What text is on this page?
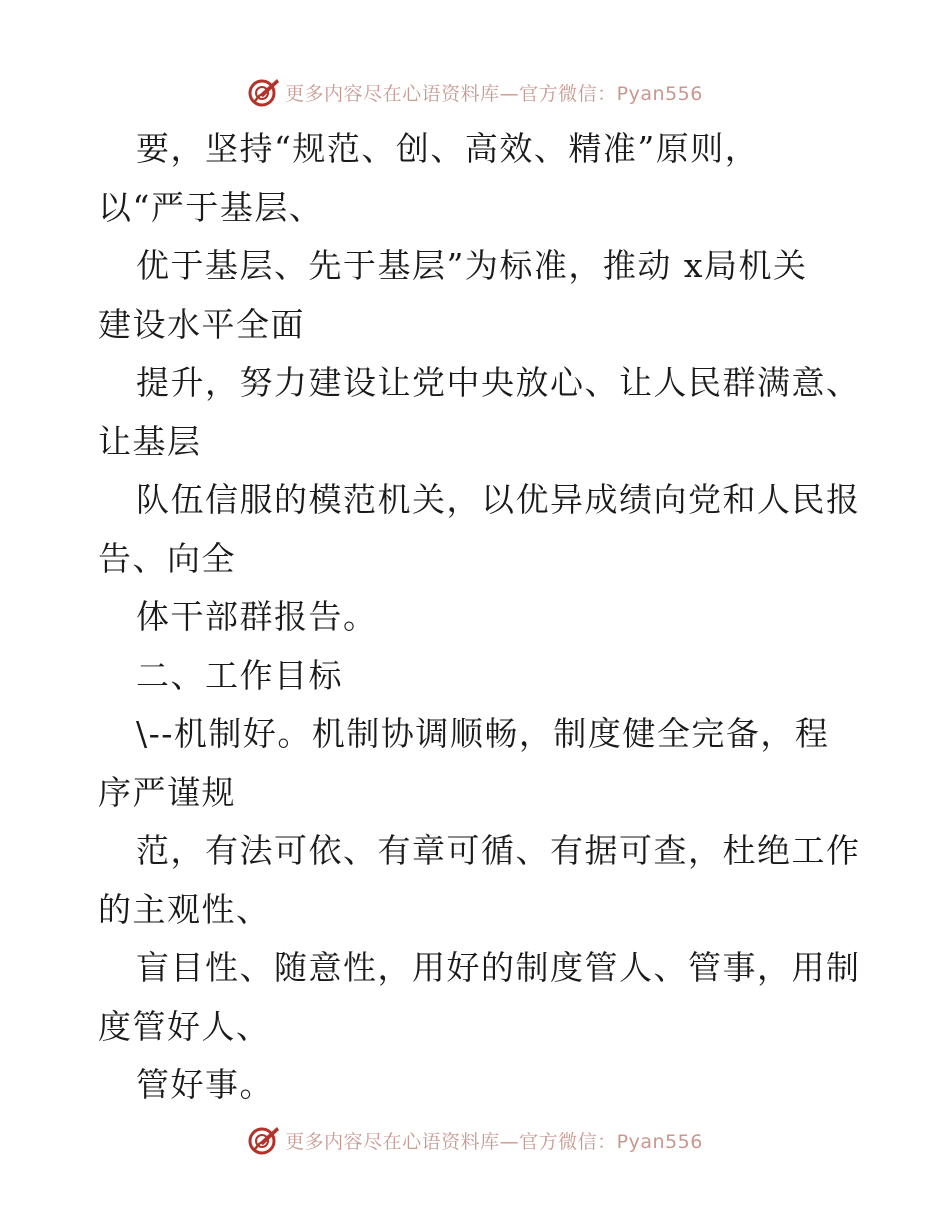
更多内容尽在心语资料库—官方微信：Pyan556
要，坚持“规范、创、高效、精准”原则，
以“严于基层、
优于基层、先于基层”为标准，推动 x局机关
建设水平全面
提升，努力建设让党中央放心、让人民群满意、
让基层
队伍信服的模范机关，以优异成绩向党和人民报
告、向全
体干部群报告。
二、工作目标
\--机制好。机制协调顺畅，制度健全完备，程
序严谨规
范，有法可依、有章可循、有据可查，杜绝工作
的主观性、
盲目性、随意性，用好的制度管人、管事，用制
度管好人、
管好事。
更多内容尽在心语资料库—官方微信：Pyan556
